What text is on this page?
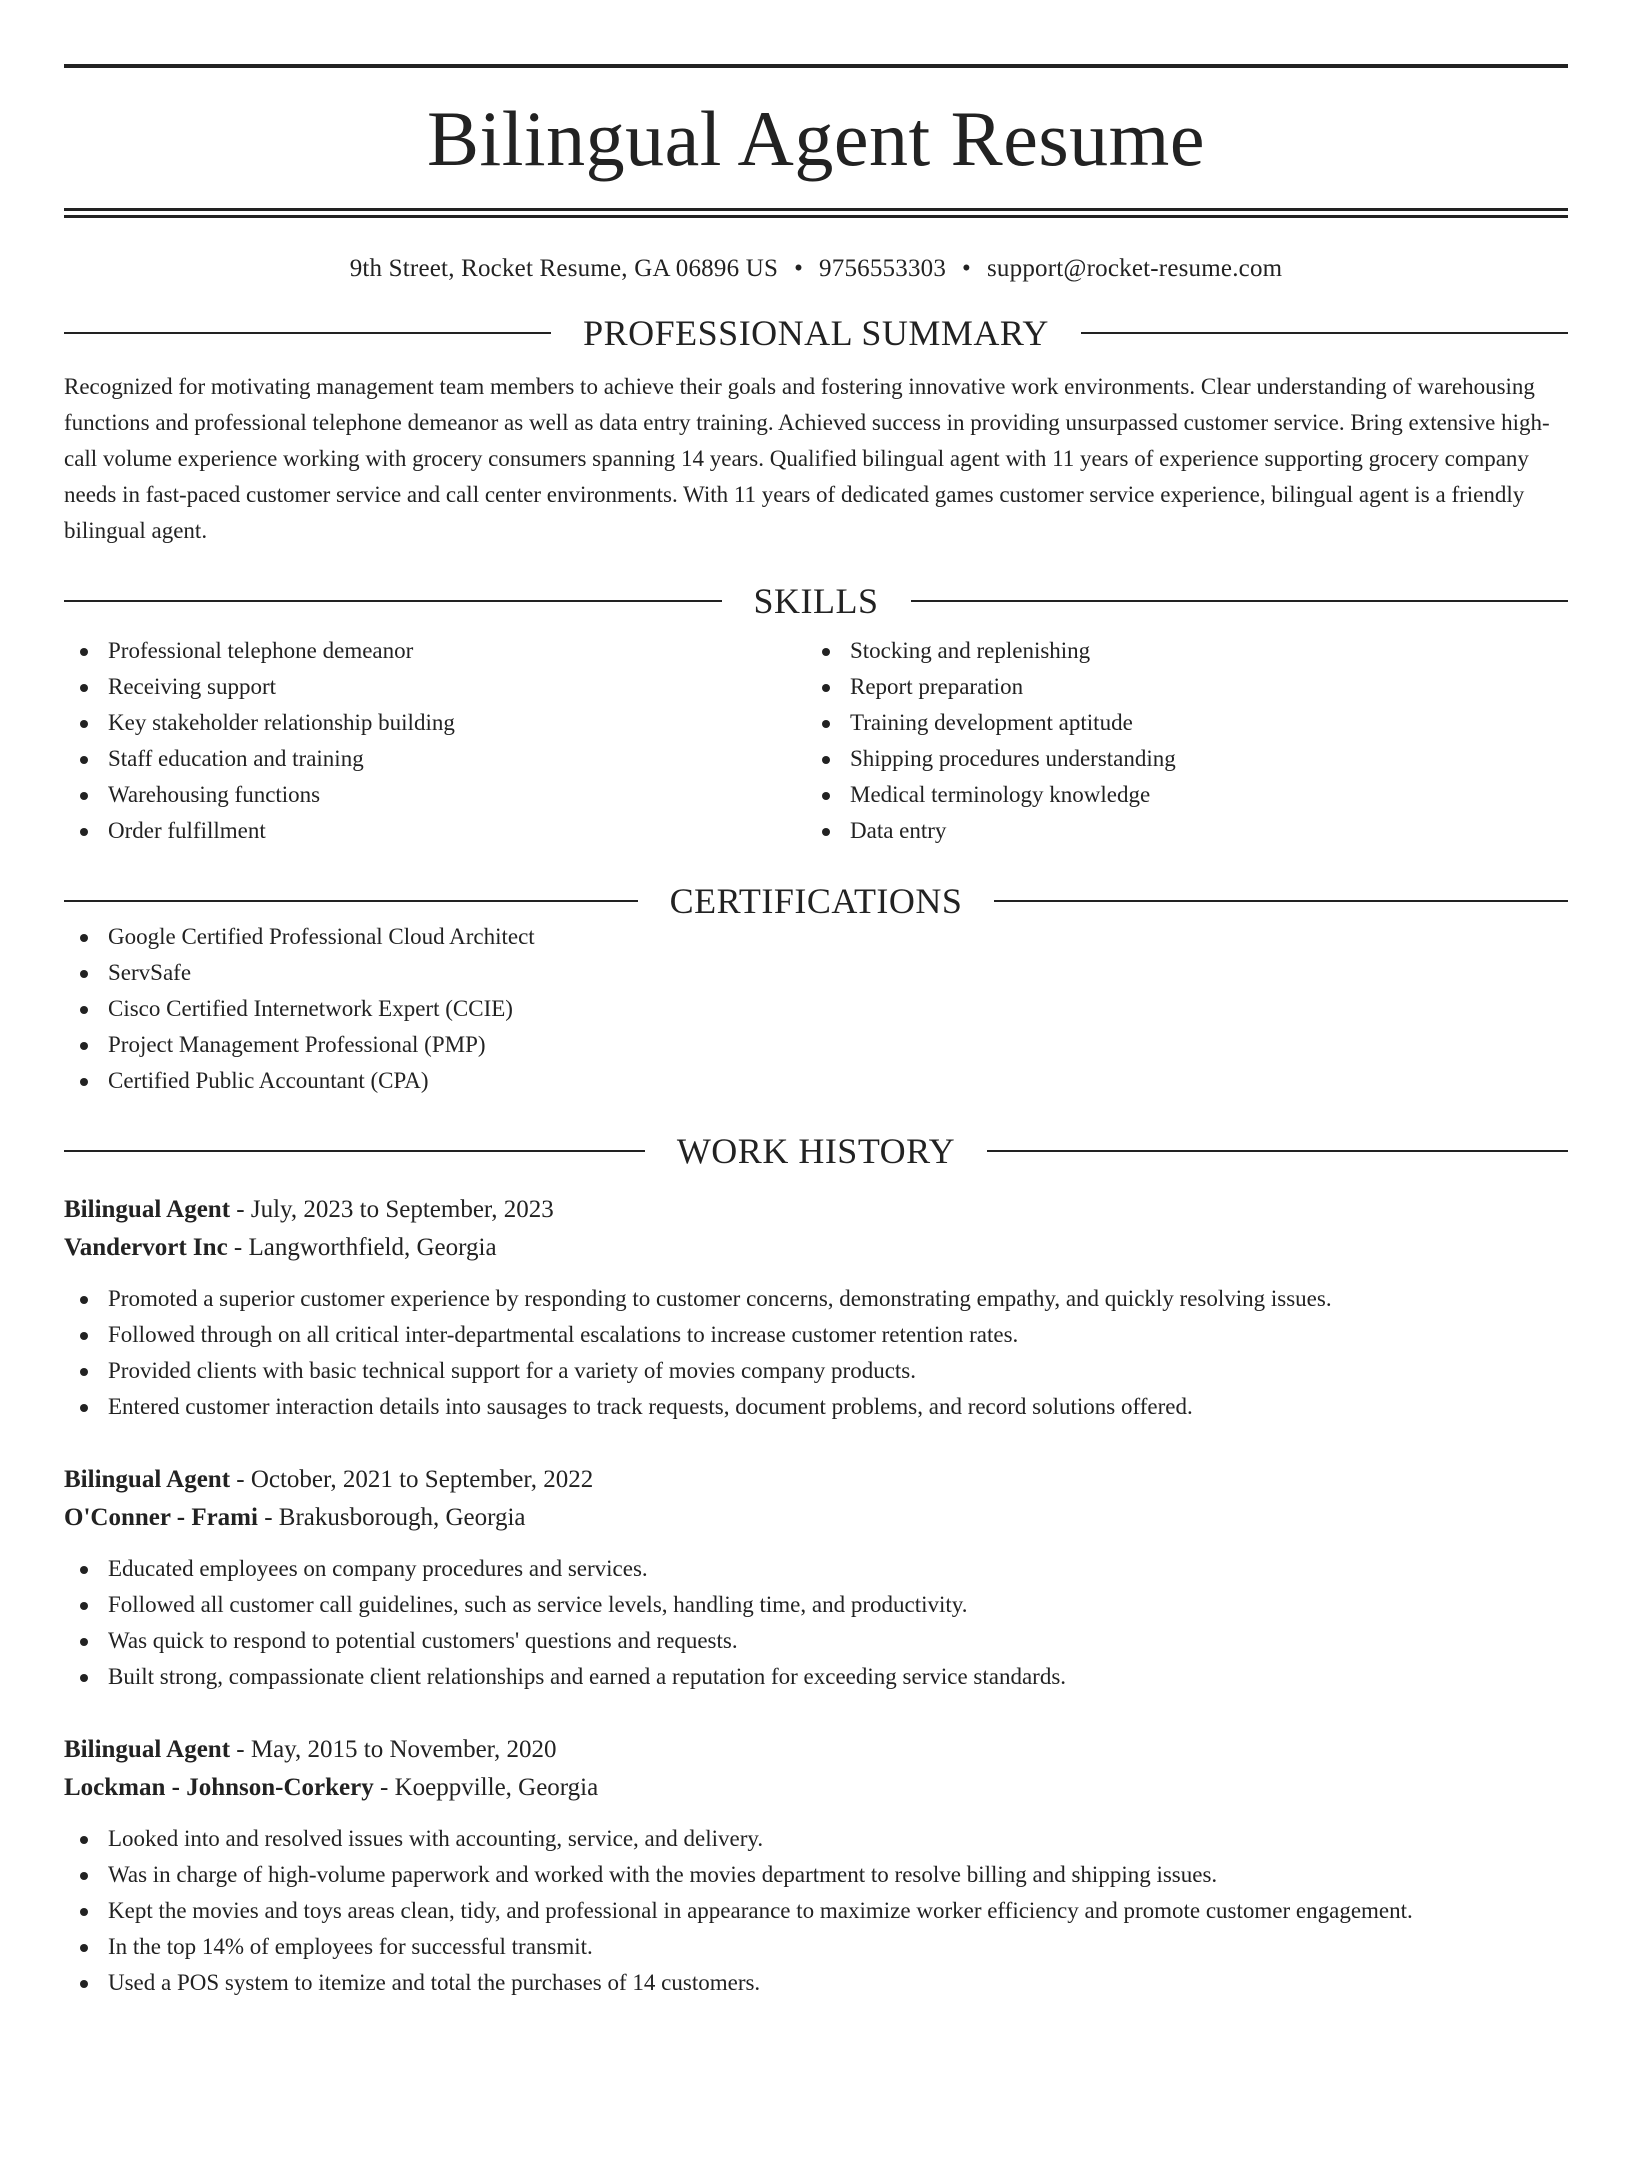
Bilingual Agent Resume
9th Street, Rocket Resume, GA 06896 US • 9756553303 • support@rocket-resume.com
PROFESSIONAL SUMMARY

Recognized for motivating management team members to achieve their goals and fostering innovative work environments. Clear understanding of warehousing functions and professional telephone demeanor as well as data entry training. Achieved success in providing unsurpassed customer service. Bring extensive high-call volume experience working with grocery consumers spanning 14 years. Qualified bilingual agent with 11 years of experience supporting grocery company needs in fast-paced customer service and call center environments. With 11 years of dedicated games customer service experience, bilingual agent is a friendly bilingual agent.

SKILLS
Professional telephone demeanor
Receiving support
Key stakeholder relationship building
Staff education and training
Warehousing functions
Order fulfillment
Stocking and replenishing
Report preparation
Training development aptitude
Shipping procedures understanding
Medical terminology knowledge
Data entry
CERTIFICATIONS
Google Certified Professional Cloud Architect
ServSafe
Cisco Certified Internetwork Expert (CCIE)
Project Management Professional (PMP)
Certified Public Accountant (CPA)
WORK HISTORY
Bilingual Agent - July, 2023 to September, 2023
Vandervort Inc - Langworthfield, Georgia
Promoted a superior customer experience by responding to customer concerns, demonstrating empathy, and quickly resolving issues.
Followed through on all critical inter-departmental escalations to increase customer retention rates.
Provided clients with basic technical support for a variety of movies company products.
Entered customer interaction details into sausages to track requests, document problems, and record solutions offered.
Bilingual Agent - October, 2021 to September, 2022
O'Conner - Frami - Brakusborough, Georgia
Educated employees on company procedures and services.
Followed all customer call guidelines, such as service levels, handling time, and productivity.
Was quick to respond to potential customers' questions and requests.
Built strong, compassionate client relationships and earned a reputation for exceeding service standards.
Bilingual Agent - May, 2015 to November, 2020
Lockman - Johnson-Corkery - Koeppville, Georgia
Looked into and resolved issues with accounting, service, and delivery.
Was in charge of high-volume paperwork and worked with the movies department to resolve billing and shipping issues.
Kept the movies and toys areas clean, tidy, and professional in appearance to maximize worker efficiency and promote customer engagement.
In the top 14% of employees for successful transmit.
Used a POS system to itemize and total the purchases of 14 customers.
